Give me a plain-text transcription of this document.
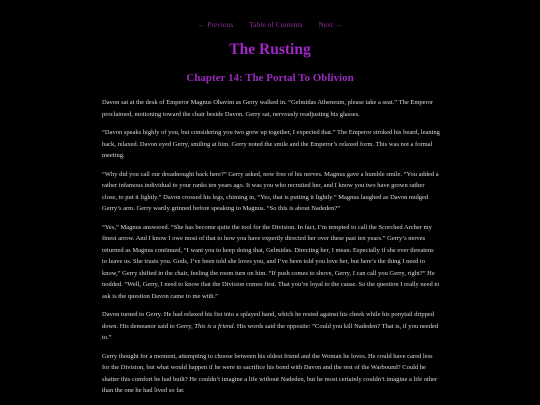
← Previous Table of Contents Next →
The Rusting
Chapter 14: The Portal To Oblivion

Davon sat at the desk of Emperor Magnus Ohavim as Gerry walked in. “Gelmidas Atheneum, please take a seat.” The Emperor proclaimed, motioning toward the chair beside Davon. Gerry sat, nervously readjusting his glasses.

“Davon speaks highly of you, but considering you two grew up together, I expected that.” The Emperor stroked his beard, leaning back, relaxed. Davon eyed Gerry, smiling at him. Gerry noted the smile and the Emperor’s relaxed form. This was not a formal meeting.

“Why did you call our dreadnought back here?” Gerry asked, now free of his nerves. Magnus gave a humble smile. “You added a rather infamous individual to your ranks ten years ago. It was you who recruited her, and I know you two have grown rather close, to put it lightly.” Davon crossed his legs, chiming in, “Yes, that is putting it lightly.” Magnus laughed as Davon nudged Gerry’s arm. Gerry warily grinned before speaking to Magnus. “So this is about Nadeden?”

“Yes,” Magnus answered. “She has become quite the tool for the Division. In fact, I’m tempted to call the Scorched Archer my finest arrow. And I know I owe most of that to how you have expertly directed her over these past ten years.” Gerry’s nerves returned as Magnus continued, “I want you to keep doing that, Gelmidas. Directing her, I mean. Especially if she ever threatens to leave us. She trusts you. Gods, I’ve been told she loves you, and I’ve been told you love her, but here’s the thing I need to know,” Gerry shifted in the chair, feeling the room turn on him. “If push comes to shove, Gerry, I can call you Gerry, right?” He nodded. “Well, Gerry, I need to know that the Division comes first. That you’re loyal to the cause. So the question I really need to ask is the question Davon came to me with.”

Davon turned to Gerry. He had relaxed his fist into a splayed hand, which he rested against his cheek while his ponytail dripped down. His demeanor said to Gerry, This is a friend. His words said the opposite: “Could you kill Nadeden? That is, if you needed to.”

Gerry thought for a moment, attempting to choose between his oldest friend and the Woman he loves. He could have cared less for the Division, but what would happen if he were to sacrifice his bond with Davon and the rest of the Warbound? Could he shatter this comfort he had built? He couldn’t imagine a life without Nadeden, but he most certainly couldn’t imagine a life other than the one he had lived so far.
